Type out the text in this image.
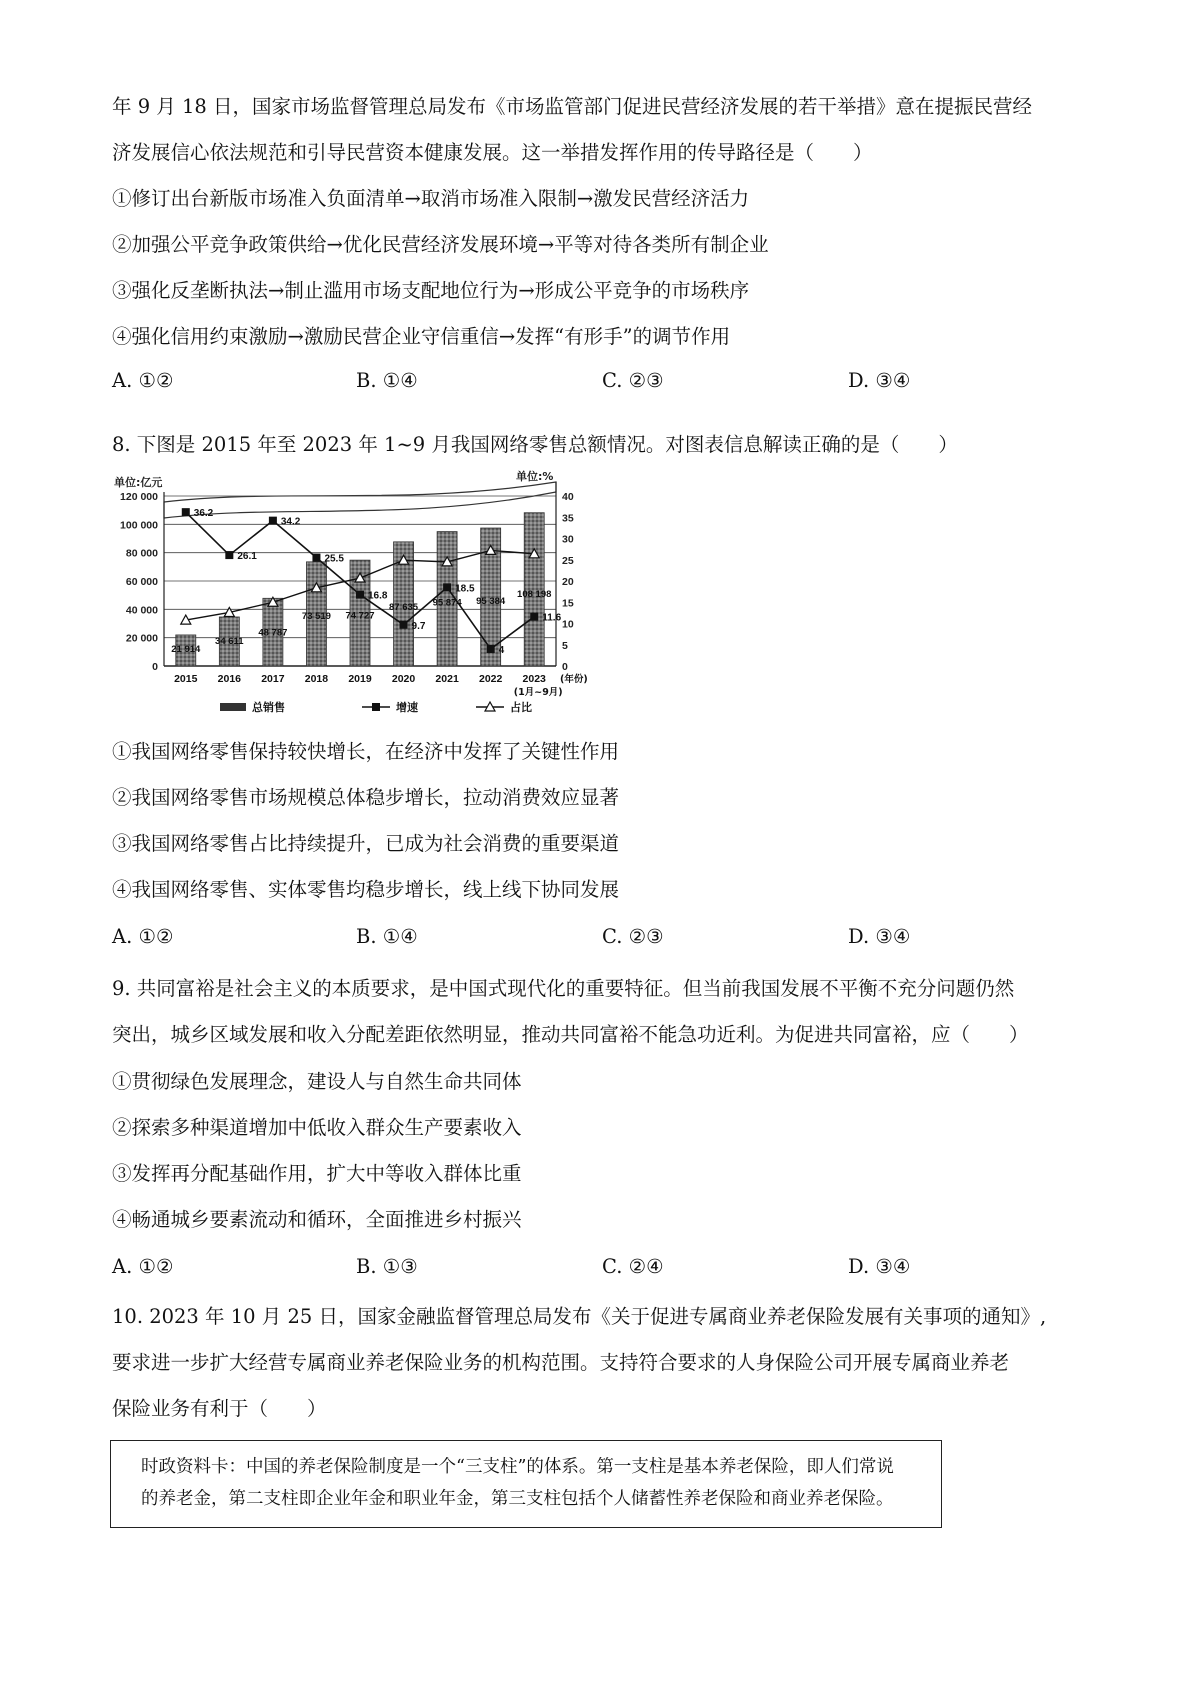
年 9 月 18 日，国家市场监督管理总局发布《市场监管部门促进民营经济发展的若干举措》意在提振民营经
济发展信心依法规范和引导民营资本健康发展。这一举措发挥作用的传导路径是（　　）
①修订出台新版市场准入负面清单→取消市场准入限制→激发民营经济活力
②加强公平竞争政策供给→优化民营经济发展环境→平等对待各类所有制企业
③强化反垄断执法→制止滥用市场支配地位行为→形成公平竞争的市场秩序
④强化信用约束激励→激励民营企业守信重信→发挥“有形手”的调节作用
A. ①②	B. ①④	C. ②③	D. ③④
8. 下图是 2015 年至 2023 年 1~9 月我国网络零售总额情况。对图表信息解读正确的是（　　）
21 914
34 611
48 787
73 519 74 727
87 635 95 874 95 384
108 198
36.2
26.1
34.2
25.5
16.8
9.7
18.5
4
11.6
0
20 000
40 000
60 000
80 000
100 000
120 000
0
5
10
15
20
25
30
35
40
单位:亿元	单位:%
2015 2016 2017 2018 2019 2020 2021 2022 2023
(1月~9月)
(年份)
总销售	增速	占比
①我国网络零售保持较快增长，在经济中发挥了关键性作用
②我国网络零售市场规模总体稳步增长，拉动消费效应显著
③我国网络零售占比持续提升，已成为社会消费的重要渠道
④我国网络零售、实体零售均稳步增长，线上线下协同发展
A. ①②	B. ①④	C. ②③	D. ③④
9. 共同富裕是社会主义的本质要求，是中国式现代化的重要特征。但当前我国发展不平衡不充分问题仍然
突出，城乡区域发展和收入分配差距依然明显，推动共同富裕不能急功近利。为促进共同富裕，应（　　）
①贯彻绿色发展理念，建设人与自然生命共同体
②探索多种渠道增加中低收入群众生产要素收入
③发挥再分配基础作用，扩大中等收入群体比重
④畅通城乡要素流动和循环，全面推进乡村振兴
A. ①②	B. ①③	C. ②④	D. ③④
10. 2023 年 10 月 25 日，国家金融监督管理总局发布《关于促进专属商业养老保险发展有关事项的通知》,
要求进一步扩大经营专属商业养老保险业务的机构范围。支持符合要求的人身保险公司开展专属商业养老
保险业务有利于（　　）
时政资料卡：中国的养老保险制度是一个“三支柱”的体系。第一支柱是基本养老保险，即人们常说
的养老金，第二支柱即企业年金和职业年金，第三支柱包括个人储蓄性养老保险和商业养老保险。
